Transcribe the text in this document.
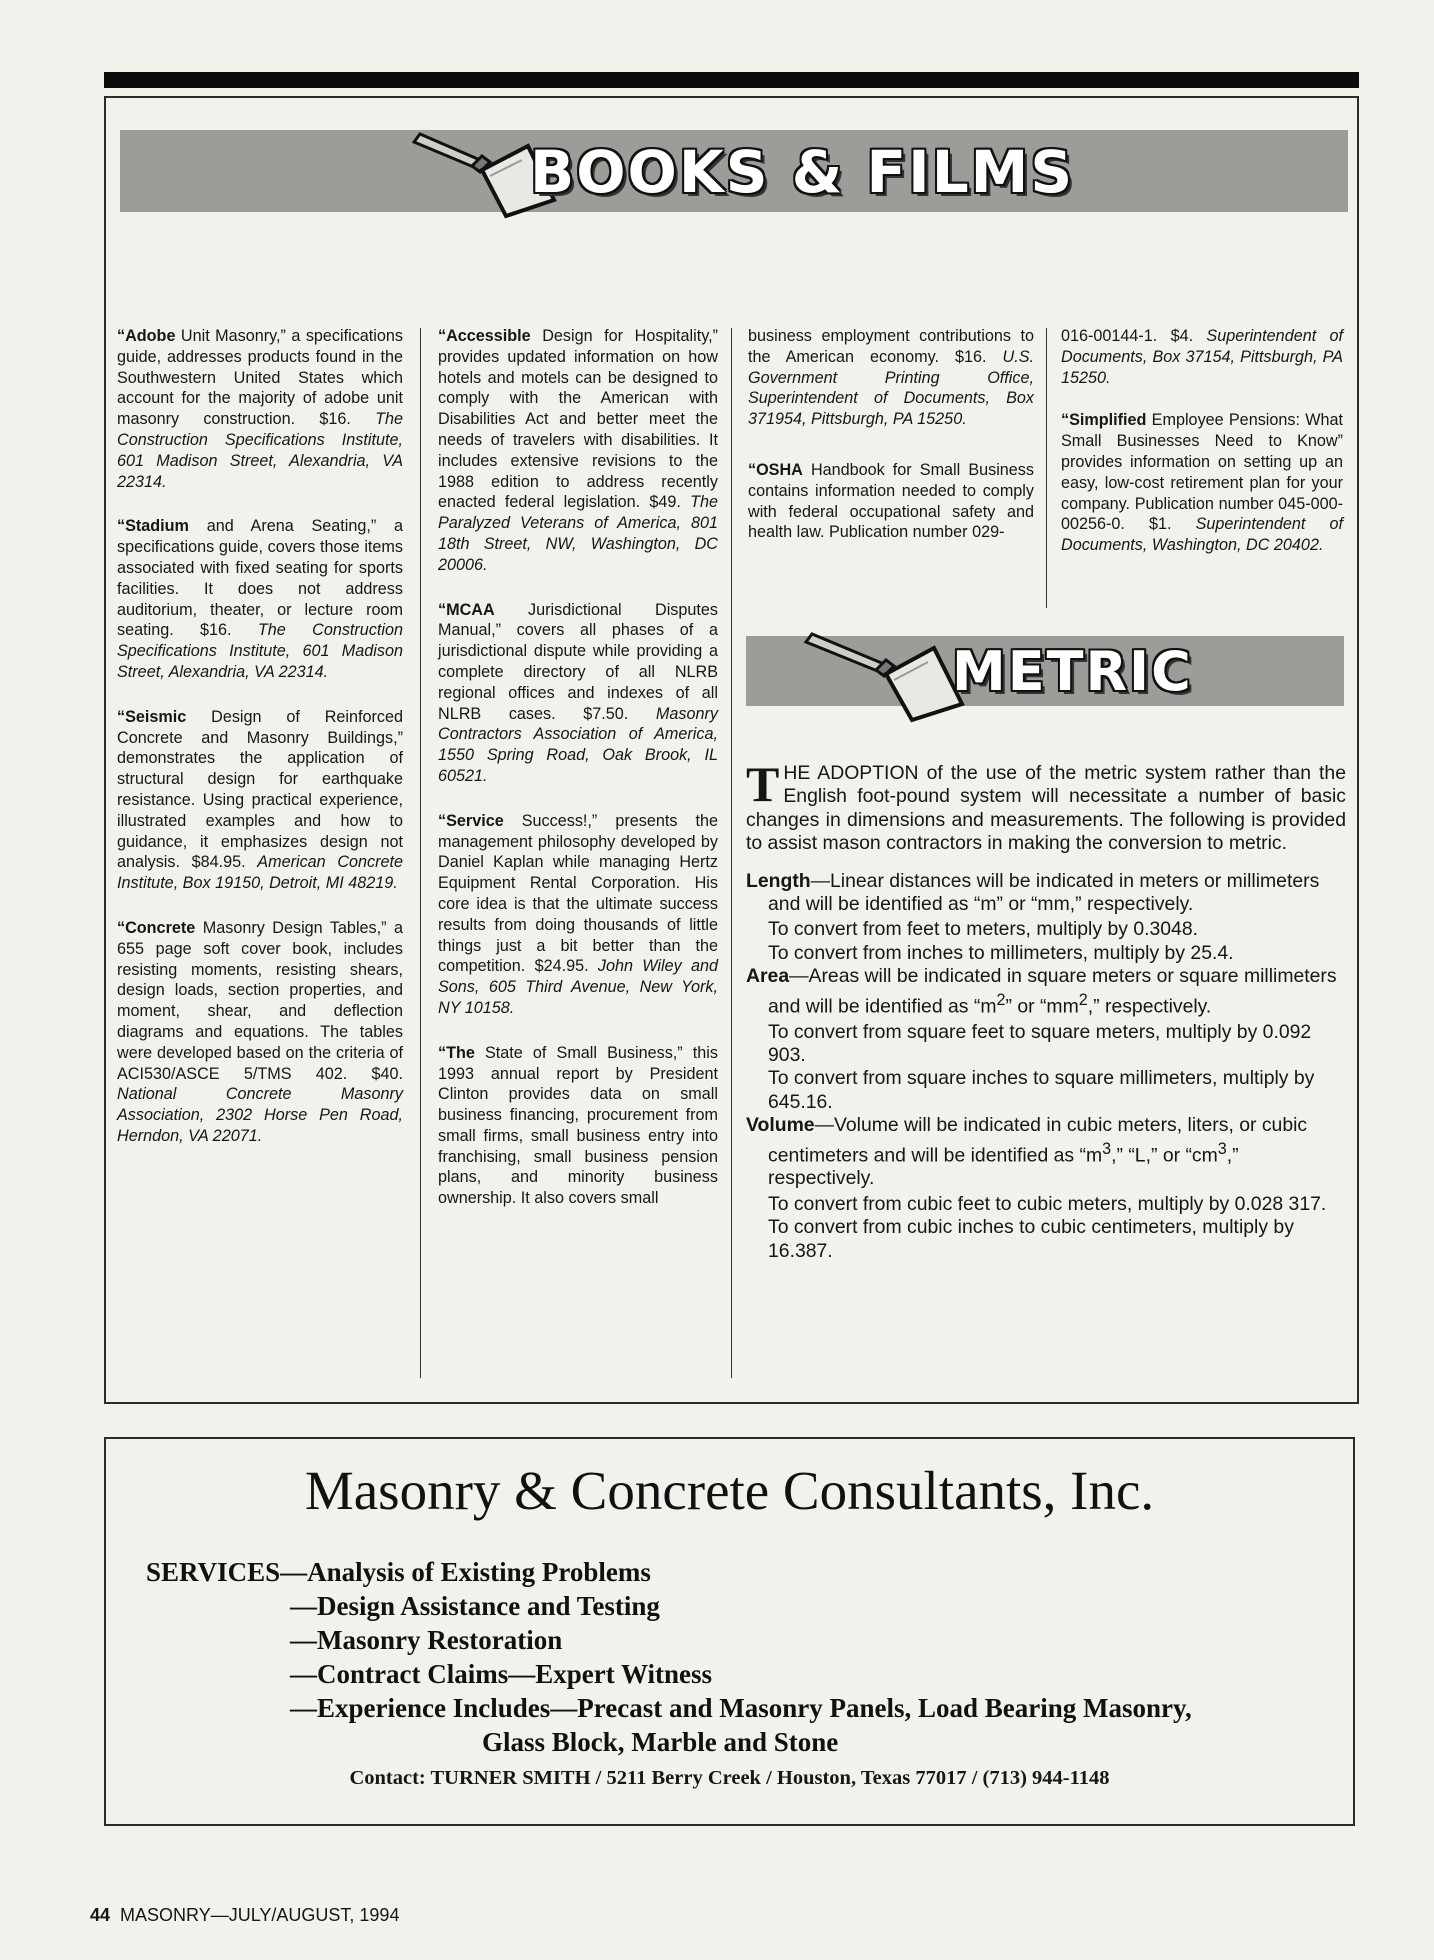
BOOKS & FILMS

“Adobe Unit Masonry,” a specifications guide, addresses products found in the Southwestern United States which account for the majority of adobe unit masonry construction. $16. The Construction Specifications Institute, 601 Madison Street, Alexandria, VA 22314.

“Stadium and Arena Seating,” a specifications guide, covers those items associated with fixed seating for sports facilities. It does not address auditorium, theater, or lecture room seating. $16. The Construction Specifications Institute, 601 Madison Street, Alexandria, VA 22314.

“Seismic Design of Reinforced Concrete and Masonry Buildings,” demonstrates the application of structural design for earthquake resistance. Using practical experience, illustrated examples and how to guidance, it emphasizes design not analysis. $84.95. American Concrete Institute, Box 19150, Detroit, MI 48219.

“Concrete Masonry Design Tables,” a 655 page soft cover book, includes resisting moments, resisting shears, design loads, section properties, and moment, shear, and deflection diagrams and equations. The tables were developed based on the criteria of ACI530/ASCE 5/TMS 402. $40. National Concrete Masonry Association, 2302 Horse Pen Road, Herndon, VA 22071.

“Accessible Design for Hospitality,” provides updated information on how hotels and motels can be designed to comply with the American with Disabilities Act and better meet the needs of travelers with disabilities. It includes extensive revisions to the 1988 edition to address recently enacted federal legislation. $49. The Paralyzed Veterans of America, 801 18th Street, NW, Washington, DC 20006.

“MCAA Jurisdictional Disputes Manual,” covers all phases of a jurisdictional dispute while providing a complete directory of all NLRB regional offices and indexes of all NLRB cases. $7.50. Masonry Contractors Association of America, 1550 Spring Road, Oak Brook, IL 60521.

“Service Success!,” presents the management philosophy developed by Daniel Kaplan while managing Hertz Equipment Rental Corporation. His core idea is that the ultimate success results from doing thousands of little things just a bit better than the competition. $24.95. John Wiley and Sons, 605 Third Avenue, New York, NY 10158.

“The State of Small Business,” this 1993 annual report by President Clinton provides data on small business financing, procurement from small firms, small business entry into franchising, small business pension plans, and minority business ownership. It also covers small

business employment contributions to the American economy. $16. U.S. Government Printing Office, Superintendent of Documents, Box 371954, Pittsburgh, PA 15250.

“OSHA Handbook for Small Business contains information needed to comply with federal occupational safety and health law. Publication number 029-

016-00144-1. $4. Superintendent of Documents, Box 37154, Pittsburgh, PA 15250.

“Simplified Employee Pensions: What Small Businesses Need to Know” provides information on setting up an easy, low-cost retirement plan for your company. Publication number 045-000-00256-0. $1. Superintendent of Documents, Washington, DC 20402.

METRIC

THE ADOPTION of the use of the metric system rather than the English foot-pound system will necessitate a number of basic changes in dimensions and measurements. The following is provided to assist mason contractors in making the conversion to metric.

Length—Linear distances will be indicated in meters or millimeters and will be identified as “m” or “mm,” respectively.

To convert from feet to meters, multiply by 0.3048.

To convert from inches to millimeters, multiply by 25.4.

Area—Areas will be indicated in square meters or square millimeters and will be identified as “$m^2$” or “$mm^2$,” respectively.

To convert from square feet to square meters, multiply by 0.092 903.

To convert from square inches to square millimeters, multiply by 645.16.

Volume—Volume will be indicated in cubic meters, liters, or cubic centimeters and will be identified as “$m^3$,” “L,” or “$cm^3$,” respectively.

To convert from cubic feet to cubic meters, multiply by 0.028 317.

To convert from cubic inches to cubic centimeters, multiply by 16.387.

Masonry & Concrete Consultants, Inc.
SERVICES—Analysis of Existing Problems
—Design Assistance and Testing
—Masonry Restoration
—Contract Claims—Expert Witness
—Experience Includes—Precast and Masonry Panels, Load Bearing Masonry,
Glass Block, Marble and Stone
Contact: TURNER SMITH / 5211 Berry Creek / Houston, Texas 77017 / (713) 944-1148
44 MASONRY—JULY/AUGUST, 1994
